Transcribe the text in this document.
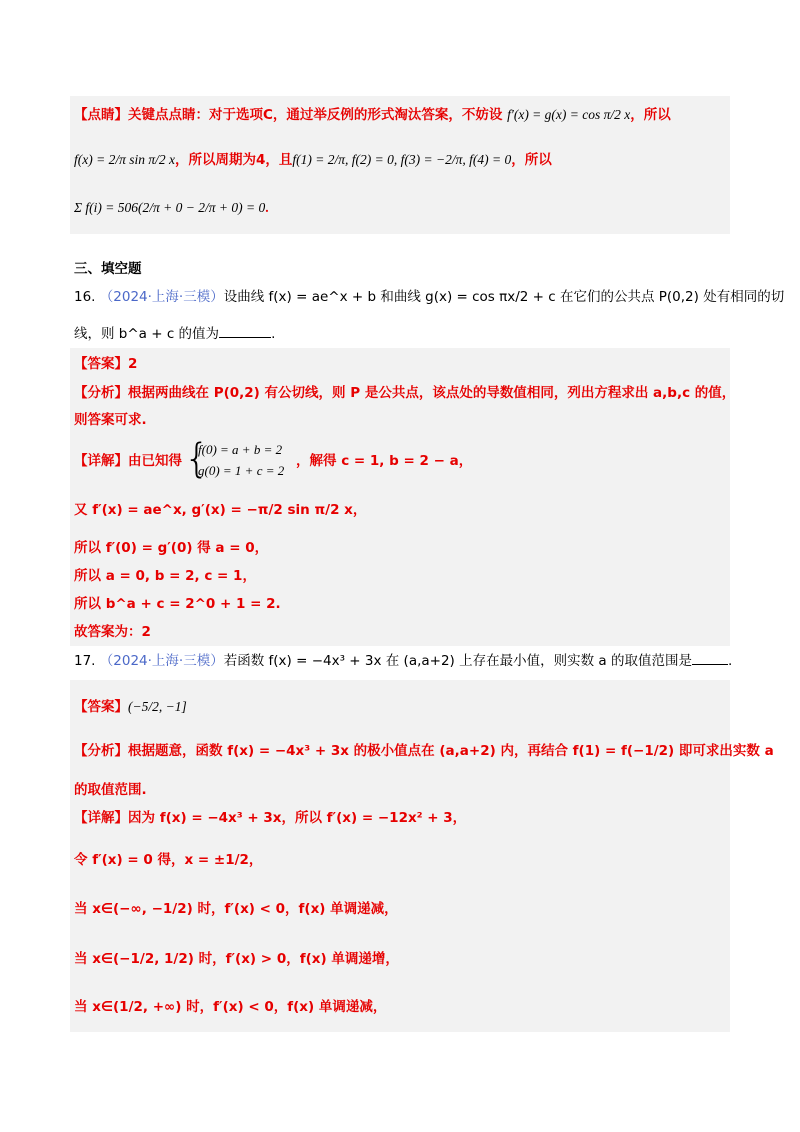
【点睛】关键点点睛：对于选项C，通过举反例的形式淘汰答案，不妨设 f′(x) = g(x) = cos π/2 x，所以
f(x) = 2/π sin π/2 x，所以周期为4，且f(1) = 2/π, f(2) = 0, f(3) = −2/π, f(4) = 0，所以
Σ f(i) = 506(2/π + 0 − 2/π + 0) = 0.
三、填空题
16. （2024·上海·三模）设曲线 f(x) = ae^x + b 和曲线 g(x) = cos πx/2 + c 在它们的公共点 P(0,2) 处有相同的切
线，则 b^a + c 的值为	.
【答案】2
【分析】根据两曲线在 P(0,2) 有公切线，则 P 是公共点，该点处的导数值相同，列出方程求出 a,b,c 的值，
则答案可求.
【详解】由已知得 {
f(0) = a + b = 2
g(0) = 1 + c = 2
，解得 c = 1, b = 2 − a，
又 f′(x) = ae^x, g′(x) = −π/2 sin π/2 x，
所以 f′(0) = g′(0) 得 a = 0，
所以 a = 0, b = 2, c = 1，
所以 b^a + c = 2^0 + 1 = 2.
故答案为：2
17. （2024·上海·三模）若函数 f(x) = −4x³ + 3x 在 (a,a+2) 上存在最小值，则实数 a 的取值范围是	.
【答案】(−5/2, −1]
【分析】根据题意，函数 f(x) = −4x³ + 3x 的极小值点在 (a,a+2) 内，再结合 f(1) = f(−1/2) 即可求出实数 a
的取值范围.
【详解】因为 f(x) = −4x³ + 3x，所以 f′(x) = −12x² + 3，
令 f′(x) = 0 得，x = ±1/2，
当 x∈(−∞, −1/2) 时，f′(x) < 0，f(x) 单调递减，
当 x∈(−1/2, 1/2) 时，f′(x) > 0，f(x) 单调递增，
当 x∈(1/2, +∞) 时，f′(x) < 0，f(x) 单调递减，
